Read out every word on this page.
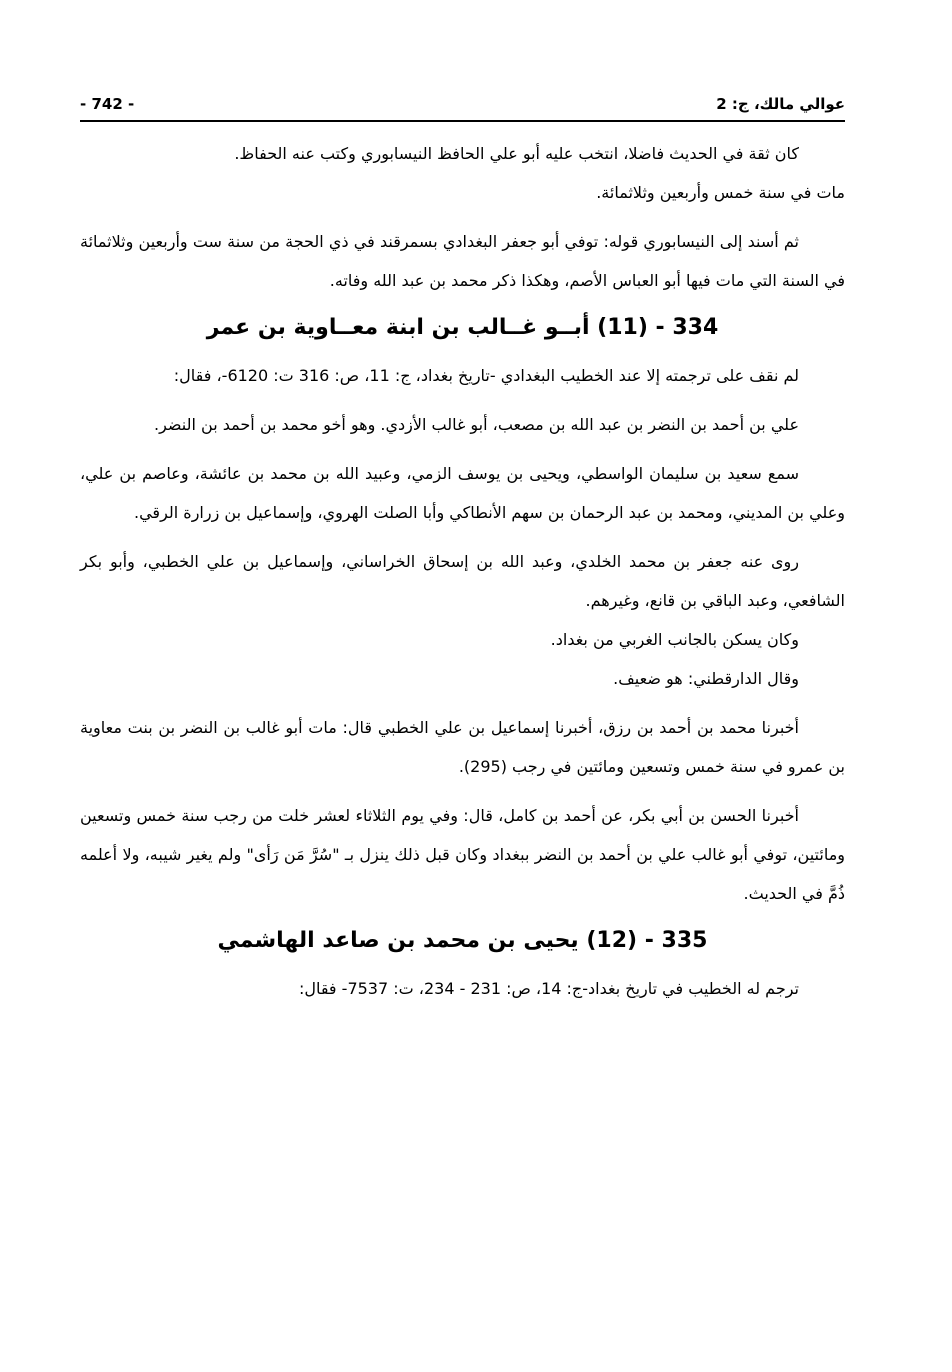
عوالي مالك، ج: 2
- 742 -

كان ثقة في الحديث فاضلا، انتخب عليه أبو علي الحافظ النيسابوري وكتب عنه الحفاظ.

مات في سنة خمس وأربعين وثلاثمائة.

ثم أسند إلى النيسابوري قوله: توفي أبو جعفر البغدادي بسمرقند في ذي الحجة من سنة ست وأربعين وثلاثمائة في السنة التي مات فيها أبو العباس الأصم، وهكذا ذكر محمد بن عبد الله وفاته.

334 - (11) أبــو غــالب بن ابنة معــاوية بن عمر

لم نقف على ترجمته إلا عند الخطيب البغدادي -تاريخ بغداد، ج: 11، ص: 316 ت: 6120-، فقال:

علي بن أحمد بن النضر بن عبد الله بن مصعب، أبو غالب الأزدي. وهو أخو محمد بن أحمد بن النضر.

سمع سعيد بن سليمان الواسطي، ويحيى بن يوسف الزمي، وعبيد الله بن محمد بن عائشة، وعاصم بن علي، وعلي بن المديني، ومحمد بن عبد الرحمان بن سهم الأنطاكي وأبا الصلت الهروي، وإسماعيل بن زرارة الرقي.

روى عنه جعفر بن محمد الخلدي، وعبد الله بن إسحاق الخراساني، وإسماعيل بن علي الخطبي، وأبو بكر الشافعي، وعبد الباقي بن قانع، وغيرهم.

وكان يسكن بالجانب الغربي من بغداد.

وقال الدارقطني: هو ضعيف.

أخبرنا محمد بن أحمد بن رزق، أخبرنا إسماعيل بن علي الخطبي قال: مات أبو غالب بن النضر بن بنت معاوية بن عمرو في سنة خمس وتسعين ومائتين في رجب (295).

أخبرنا الحسن بن أبي بكر، عن أحمد بن كامل، قال: وفي يوم الثلاثاء لعشر خلت من رجب سنة خمس وتسعين ومائتين، توفي أبو غالب علي بن أحمد بن النضر ببغداد وكان قبل ذلك ينزل بـ "سُرَّ مَن رَأى" ولم يغير شيبه، ولا أعلمه ذُمَّ في الحديث.

335 - (12) يحيى بن محمد بن صاعد الهاشمي

ترجم له الخطيب في تاريخ بغداد-ج: 14، ص: 231 - 234، ت: 7537- فقال:
